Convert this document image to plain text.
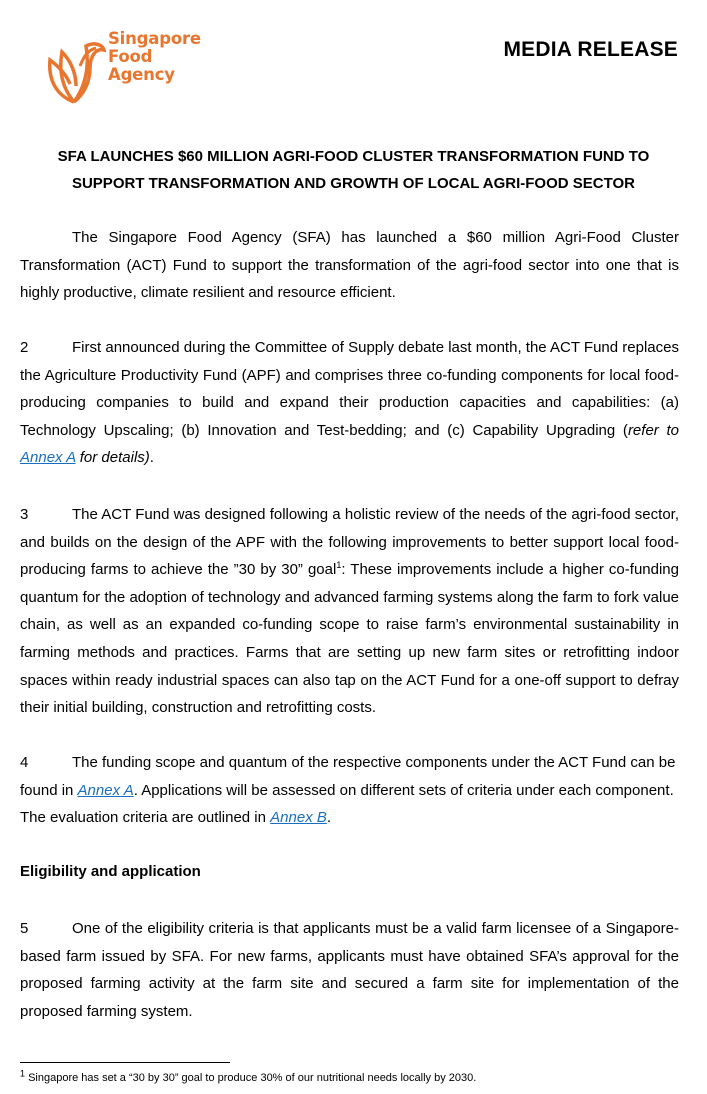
Singapore
Food
Agency
MEDIA RELEASE
SFA LAUNCHES $60 MILLION AGRI-FOOD CLUSTER TRANSFORMATION FUND TO
SUPPORT TRANSFORMATION AND GROWTH OF LOCAL AGRI-FOOD SECTOR
The Singapore Food Agency (SFA) has launched a $60 million Agri-Food Cluster Transformation (ACT) Fund to support the transformation of the agri-food sector into one that is highly productive, climate resilient and resource efficient.
2	First announced during the Committee of Supply debate last month, the ACT Fund replaces the Agriculture Productivity Fund (APF) and comprises three co-funding components for local food-producing companies to build and expand their production capacities and capabilities: (a) Technology Upscaling; (b) Innovation and Test-bedding; and (c) Capability Upgrading (refer to Annex A for details).
3	The ACT Fund was designed following a holistic review of the needs of the agri-food sector, and builds on the design of the APF with the following improvements to better support local food-producing farms to achieve the ”30 by 30” goal$^1$: These improvements include a higher co-funding quantum for the adoption of technology and advanced farming systems along the farm to fork value chain, as well as an expanded co-funding scope to raise farm’s environmental sustainability in farming methods and practices. Farms that are setting up new farm sites or retrofitting indoor spaces within ready industrial spaces can also tap on the ACT Fund for a one-off support to defray their initial building, construction and retrofitting costs.
4	The funding scope and quantum of the respective components under the ACT Fund can be found in Annex A. Applications will be assessed on different sets of criteria under each component. The evaluation criteria are outlined in Annex B.
Eligibility and application
5	One of the eligibility criteria is that applicants must be a valid farm licensee of a Singapore-based farm issued by SFA. For new farms, applicants must have obtained SFA’s approval for the proposed farming activity at the farm site and secured a farm site for implementation of the proposed farming system.
$^1$ Singapore has set a “30 by 30” goal to produce 30% of our nutritional needs locally by 2030.
